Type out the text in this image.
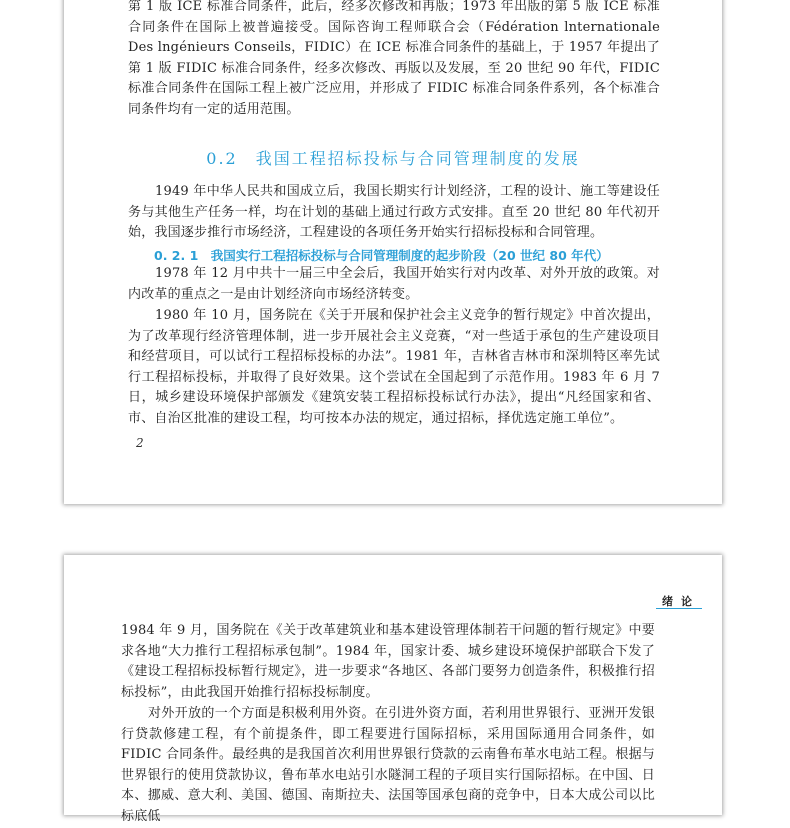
第 1 版 ICE 标准合同条件，此后，经多次修改和再版；1973 年出版的第 5 版 ICE 标准合同条件在国际上被普遍接受。国际咨询工程师联合会（Fédération lnternationale Des lngénieurs Conseils，FIDIC）在 ICE 标准合同条件的基础上，于 1957 年提出了第 1 版 FIDIC 标准合同条件，经多次修改、再版以及发展，至 20 世纪 90 年代，FIDIC 标准合同条件在国际工程上被广泛应用，并形成了 FIDIC 标准合同条件系列，各个标准合同条件均有一定的适用范围。

0.2　我国工程招标投标与合同管理制度的发展

1949 年中华人民共和国成立后，我国长期实行计划经济，工程的设计、施工等建设任务与其他生产任务一样，均在计划的基础上通过行政方式安排。直至 20 世纪 80 年代初开始，我国逐步推行市场经济，工程建设的各项任务开始实行招标投标和合同管理。

0. 2. 1　我国实行工程招标投标与合同管理制度的起步阶段（20 世纪 80 年代）

1978 年 12 月中共十一届三中全会后，我国开始实行对内改革、对外开放的政策。对内改革的重点之一是由计划经济向市场经济转变。

1980 年 10 月，国务院在《关于开展和保护社会主义竞争的暂行规定》中首次提出，为了改革现行经济管理体制，进一步开展社会主义竞赛，“对一些适于承包的生产建设项目和经营项目，可以试行工程招标投标的办法”。1981 年，吉林省吉林市和深圳特区率先试行工程招标投标，并取得了良好效果。这个尝试在全国起到了示范作用。1983 年 6 月 7 日，城乡建设环境保护部颁发《建筑安装工程招标投标试行办法》，提出“凡经国家和省、市、自治区批准的建设工程，均可按本办法的规定，通过招标，择优选定施工单位”。

2
绪论

1984 年 9 月，国务院在《关于改革建筑业和基本建设管理体制若干问题的暂行规定》中要求各地“大力推行工程招标承包制”。1984 年，国家计委、城乡建设环境保护部联合下发了《建设工程招标投标暂行规定》，进一步要求“各地区、各部门要努力创造条件，积极推行招标投标”，由此我国开始推行招标投标制度。

对外开放的一个方面是积极利用外资。在引进外资方面，若利用世界银行、亚洲开发银行贷款修建工程，有个前提条件，即工程要进行国际招标，采用国际通用合同条件，如 FIDIC 合同条件。最经典的是我国首次利用世界银行贷款的云南鲁布革水电站工程。根据与世界银行的使用贷款协议，鲁布革水电站引水隧洞工程的子项目实行国际招标。在中国、日本、挪威、意大利、美国、德国、南斯拉夫、法国等国承包商的竞争中，日本大成公司以比标底低
